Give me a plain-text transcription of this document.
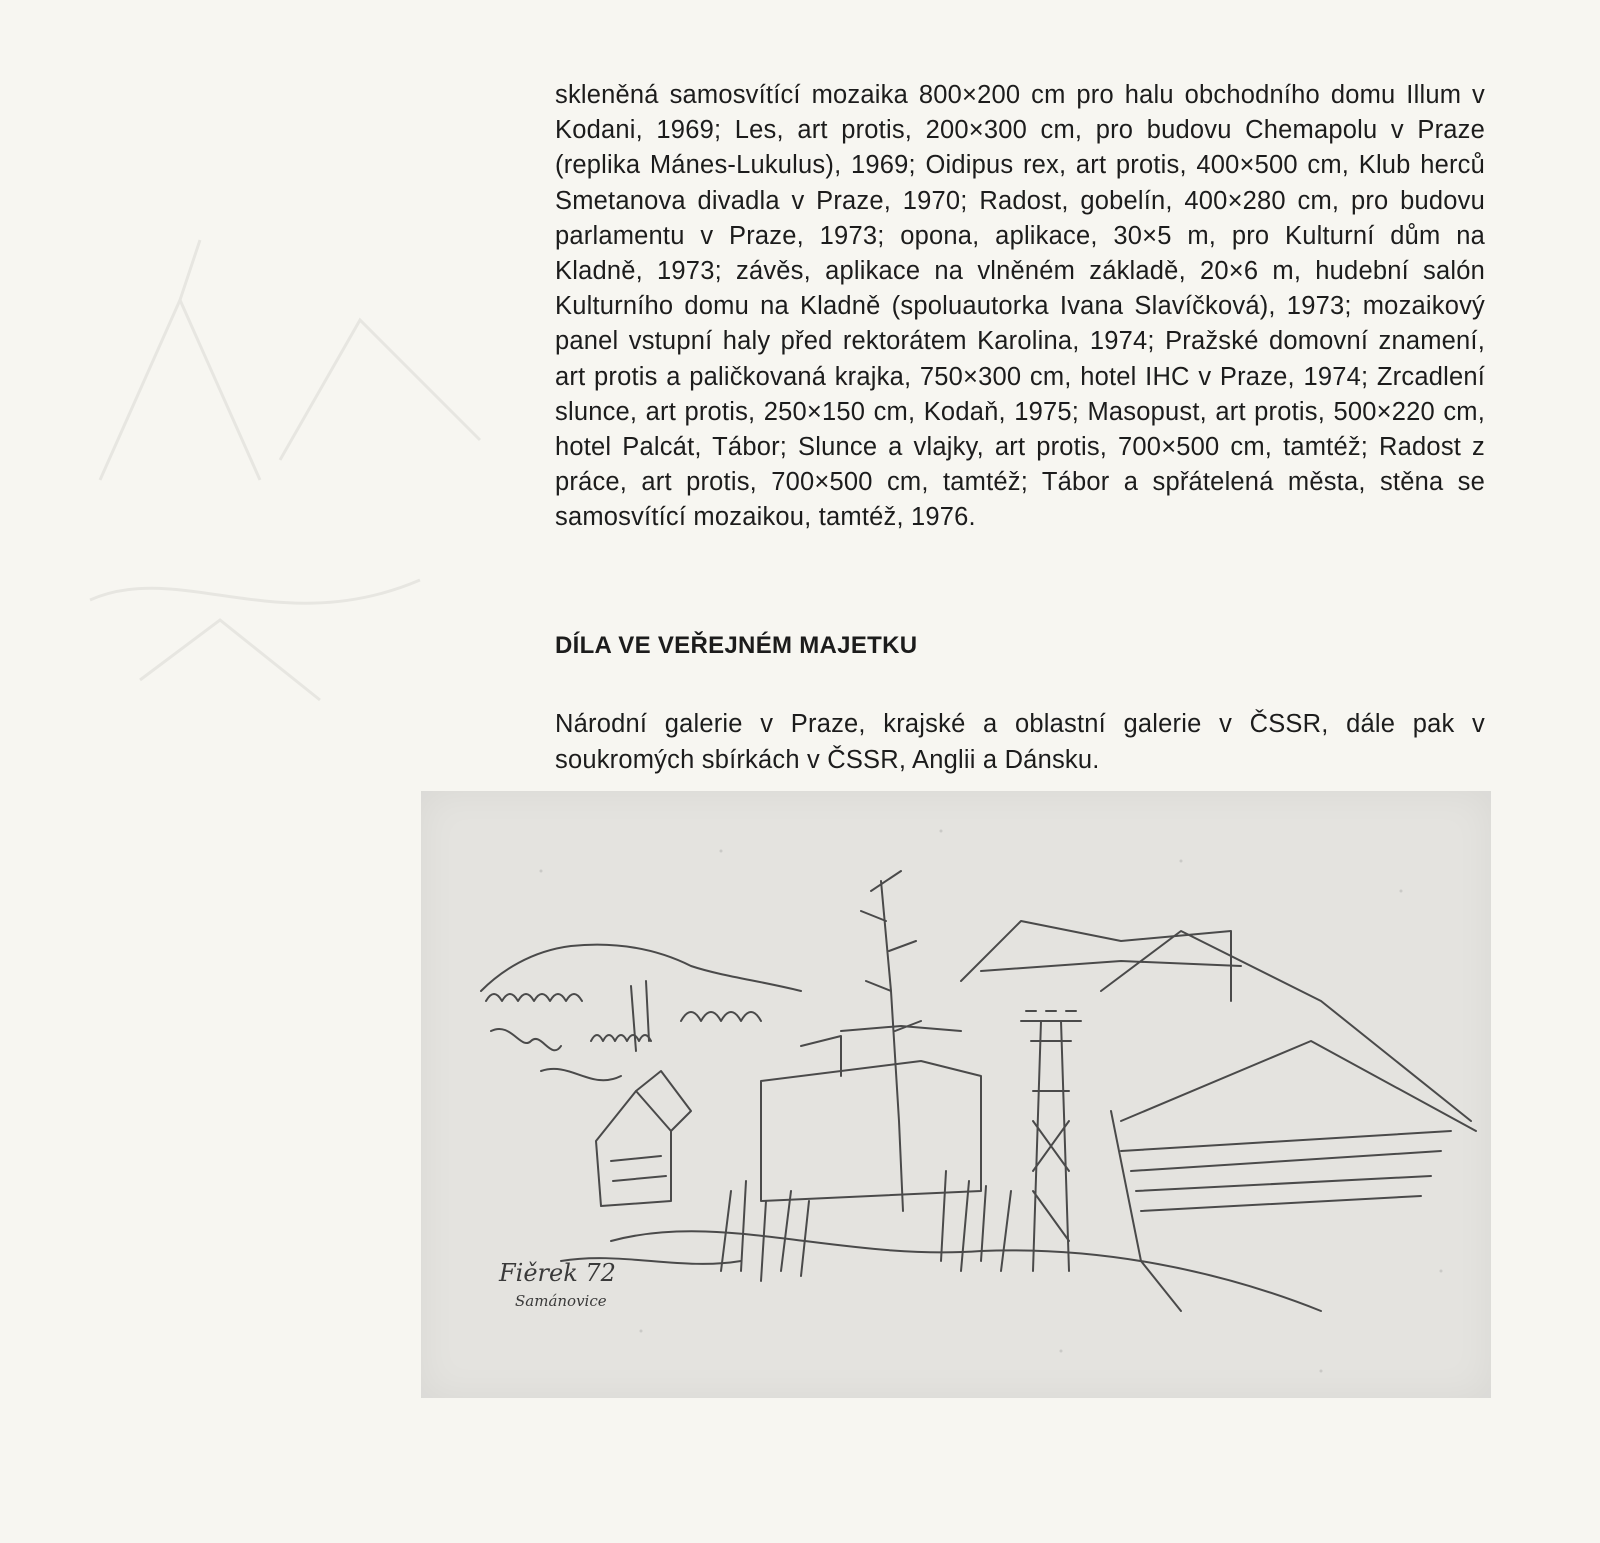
skleněná samosvítící mozaika 800×200 cm pro halu obchodního domu Illum v Kodani, 1969; Les, art protis, 200×300 cm, pro budovu Chemapolu v Praze (replika Mánes-Lukulus), 1969; Oidipus rex, art protis, 400×500 cm, Klub herců Smetanova divadla v Praze, 1970; Radost, gobelín, 400×280 cm, pro budovu parlamentu v Praze, 1973; opona, aplikace, 30×5 m, pro Kulturní dům na Kladně, 1973; závěs, aplikace na vlněném základě, 20×6 m, hudební salón Kulturního domu na Kladně (spoluautorka Ivana Slavíčková), 1973; mozaikový panel vstupní haly před rektorátem Karolina, 1974; Pražské domovní znamení, art protis a paličkovaná krajka, 750×300 cm, hotel IHC v Praze, 1974; Zrcadlení slunce, art protis, 250×150 cm, Kodaň, 1975; Masopust, art protis, 500×220 cm, hotel Palcát, Tábor; Slunce a vlajky, art protis, 700×500 cm, tamtéž; Radost z práce, art protis, 700×500 cm, tamtéž; Tábor a spřátelená města, stěna se samosvítící mozaikou, tamtéž, 1976.

DÍLA VE VEŘEJNÉM MAJETKU

Národní galerie v Praze, krajské a oblastní galerie v ČSSR, dále pak v soukromých sbírkách v ČSSR, Anglii a Dánsku.

Fiěrek 72
Samánovice
